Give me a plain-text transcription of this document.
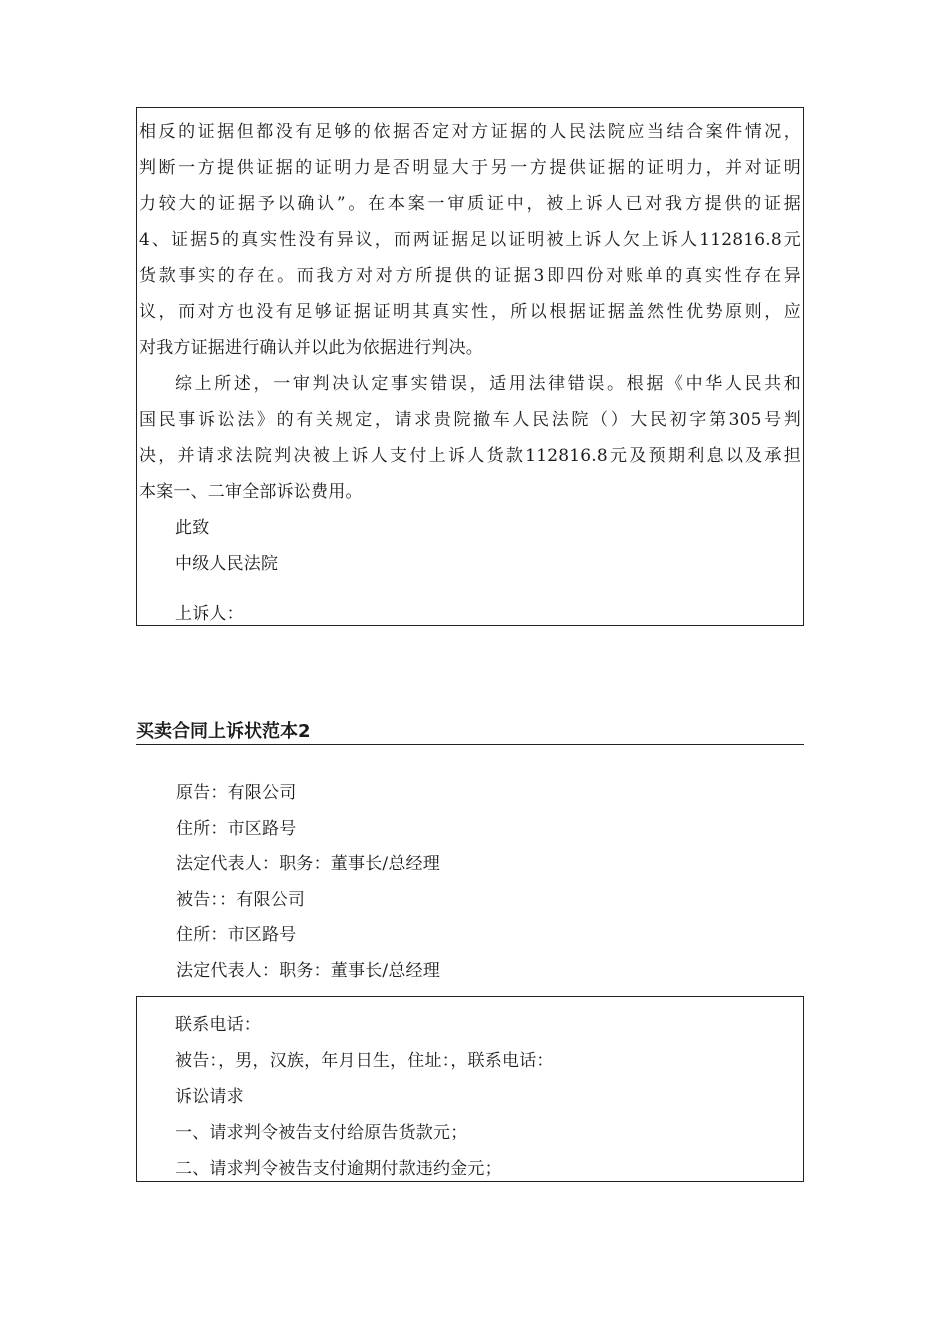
相反的证据但都没有足够的依据否定对方证据的人民法院应当结合案件情况，
判断一方提供证据的证明力是否明显大于另一方提供证据的证明力，并对证明
力较大的证据予以确认”。在本案一审质证中，被上诉人已对我方提供的证据
4、证据5的真实性没有异议，而两证据足以证明被上诉人欠上诉人112816.8元
货款事实的存在。而我方对对方所提供的证据3即四份对账单的真实性存在异
议，而对方也没有足够证据证明其真实性，所以根据证据盖然性优势原则，应
对我方证据进行确认并以此为依据进行判决。
综上所述，一审判决认定事实错误，适用法律错误。根据《中华人民共和
国民事诉讼法》的有关规定，请求贵院撤车人民法院（）大民初字第305号判
决，并请求法院判决被上诉人支付上诉人货款112816.8元及预期利息以及承担
本案一、二审全部诉讼费用。
此致
中级人民法院
上诉人：
买卖合同上诉状范本2
原告：有限公司
住所：市区路号
法定代表人：职务：董事长/总经理
被告：：有限公司
住所：市区路号
法定代表人：职务：董事长/总经理
联系电话：
被告：，男，汉族，年月日生，住址：，联系电话：
诉讼请求
一、请求判令被告支付给原告货款元；
二、请求判令被告支付逾期付款违约金元；
